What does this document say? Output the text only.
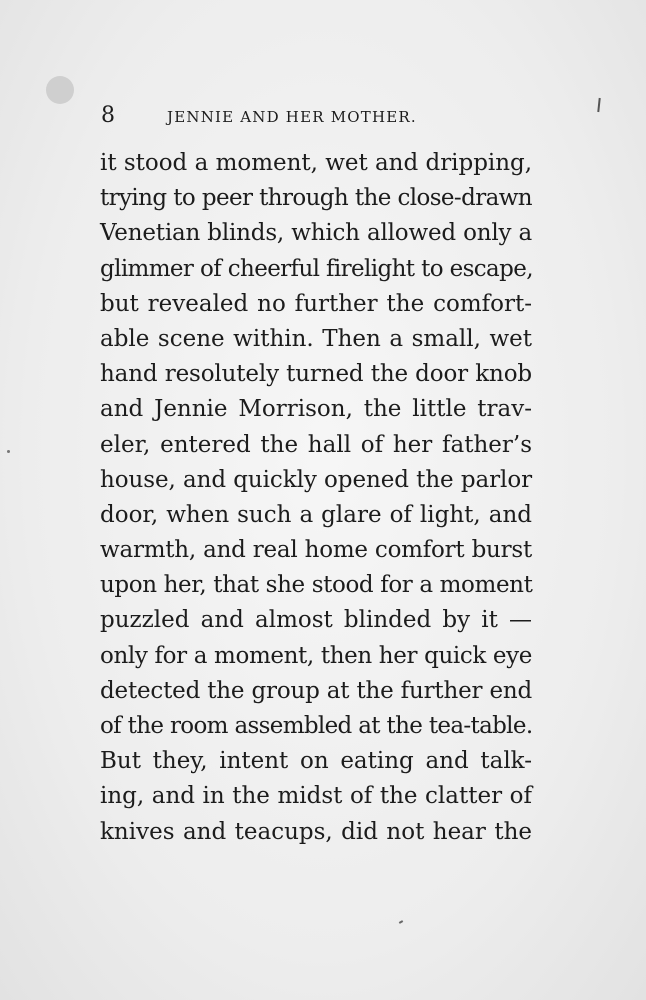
8	JENNIE AND HER MOTHER.
it stood a moment, wet and dripping,
trying to peer through the close-drawn
Venetian blinds, which allowed only a
glimmer of cheerful firelight to escape,
but revealed no further the comfort-
able scene within. Then a small, wet
hand resolutely turned the door knob
and Jennie Morrison, the little trav-
eler, entered the hall of her father’s
house, and quickly opened the parlor
door, when such a glare of light, and
warmth, and real home comfort burst
upon her, that she stood for a moment
puzzled and almost blinded by it —
only for a moment, then her quick eye
detected the group at the further end
of the room assembled at the tea-table.
But they, intent on eating and talk-
ing, and in the midst of the clatter of
knives and teacups, did not hear the
